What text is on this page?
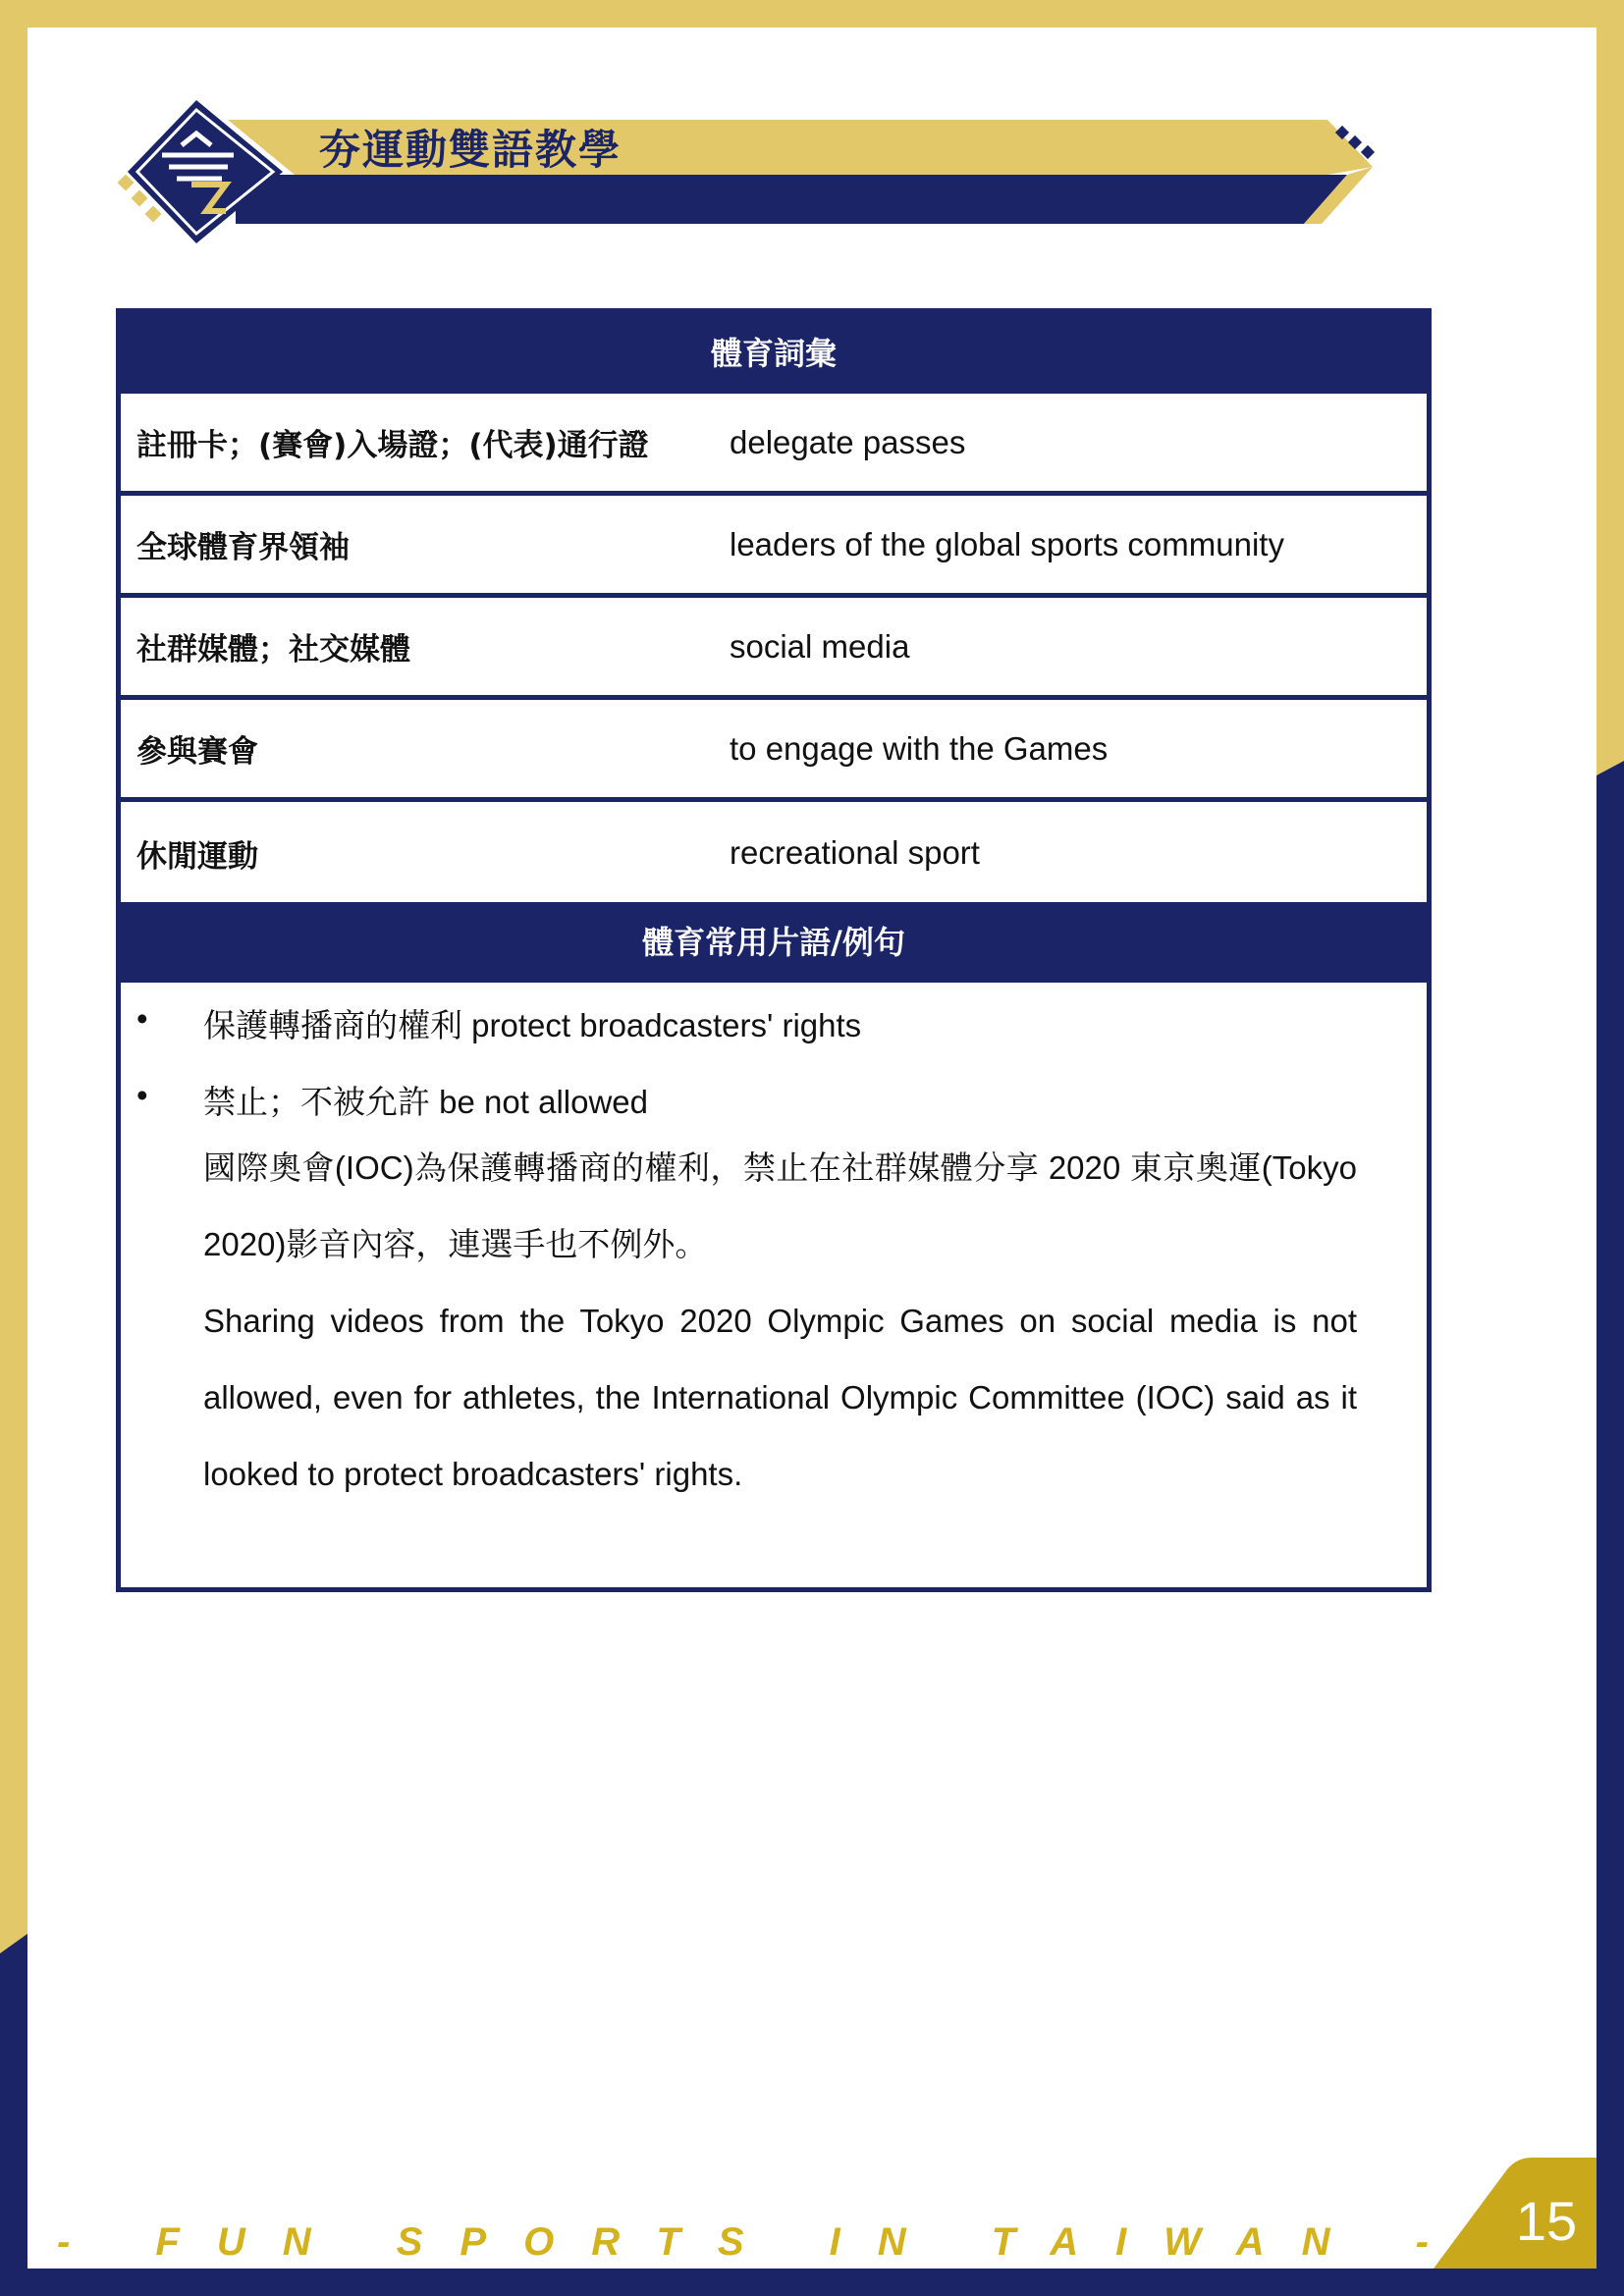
夯運動雙語教學
體育詞彙
註冊卡；(賽會)入場證；(代表)通行證 delegate passes
全球體育界領袖	leaders of the global sports community
社群媒體；社交媒體	social media
參與賽會	to engage with the Games
休閒運動	recreational sport
體育常用片語/例句
• 保護轉播商的權利 protect broadcasters' rights
• 禁止；不被允許 be not allowed
國際奧會(IOC)為保護轉播商的權利，禁止在社群媒體分享 2020 東京奧運(Tokyo 2020)影音內容，連選手也不例外。
Sharing videos from the Tokyo 2020 Olympic Games on social media is not allowed, even for athletes, the International Olympic Committee (IOC) said as it looked to protect broadcasters' rights.
- FUN SPORTS IN TAIWAN - 15
